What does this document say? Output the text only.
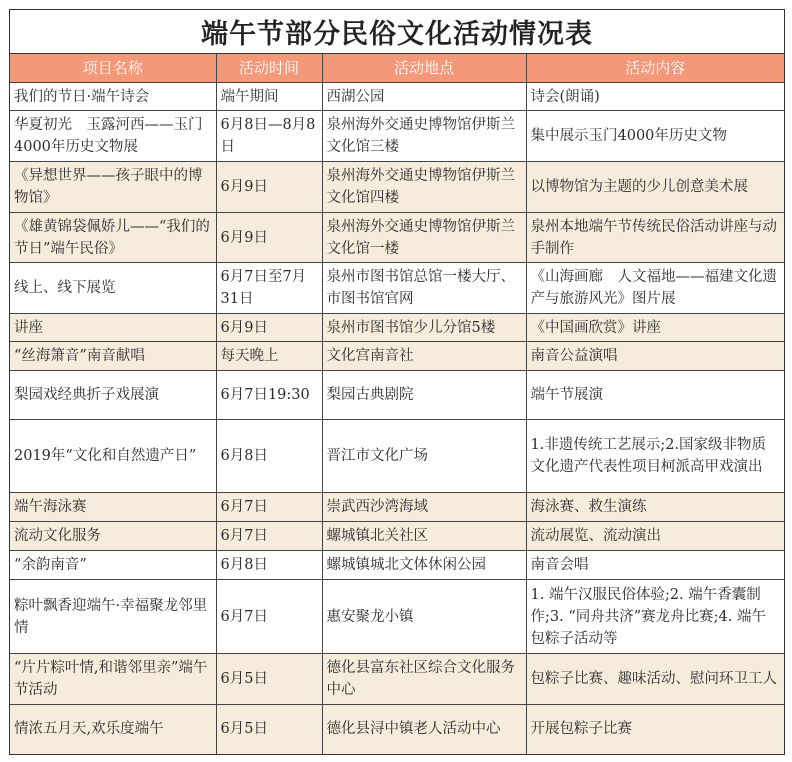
端午节部分民俗文化活动情况表
项目名称	活动时间	活动地点	活动内容
我们的节日·端午诗会	端午期间	西湖公园	诗会(朗诵)
华夏初光　玉露河西——玉门4000年历史文物展	6月8日—8月8日	泉州海外交通史博物馆伊斯兰文化馆三楼	集中展示玉门4000年历史文物
《异想世界——孩子眼中的博物馆》	6月9日	泉州海外交通史博物馆伊斯兰文化馆四楼	以博物馆为主题的少儿创意美术展
《雄黄锦袋佩娇儿——“我们的节日”端午民俗》	6月9日	泉州海外交通史博物馆伊斯兰文化馆一楼	泉州本地端午节传统民俗活动讲座与动手制作
线上、线下展览	6月7日至7月31日	泉州市图书馆总馆一楼大厅、市图书馆官网	《山海画廊　人文福地——福建文化遗产与旅游风光》图片展
讲座	6月9日	泉州市图书馆少儿分馆5楼	《中国画欣赏》讲座
“丝海箫音”南音献唱	每天晚上	文化宫南音社	南音公益演唱
梨园戏经典折子戏展演	6月7日19:30	梨园古典剧院	端午节展演
2019年“文化和自然遗产日”	6月8日	晋江市文化广场	1.非遗传统工艺展示;2.国家级非物质文化遗产代表性项目柯派高甲戏演出
端午海泳赛	6月7日	崇武西沙湾海域	海泳赛、救生演练
流动文化服务	6月7日	螺城镇北关社区	流动展览、流动演出
“余韵南音”	6月8日	螺城镇城北文体休闲公园	南音会唱
粽叶飘香迎端午·幸福聚龙邻里情	6月7日	惠安聚龙小镇	1. 端午汉服民俗体验;2. 端午香囊制作;3. “同舟共济”赛龙舟比赛;4. 端午包粽子活动等
“片片粽叶情,和谐邻里亲”端午节活动	6月5日	德化县富东社区综合文化服务中心	包粽子比赛、趣味活动、慰问环卫工人
情浓五月天,欢乐度端午	6月5日	德化县浔中镇老人活动中心	开展包粽子比赛
